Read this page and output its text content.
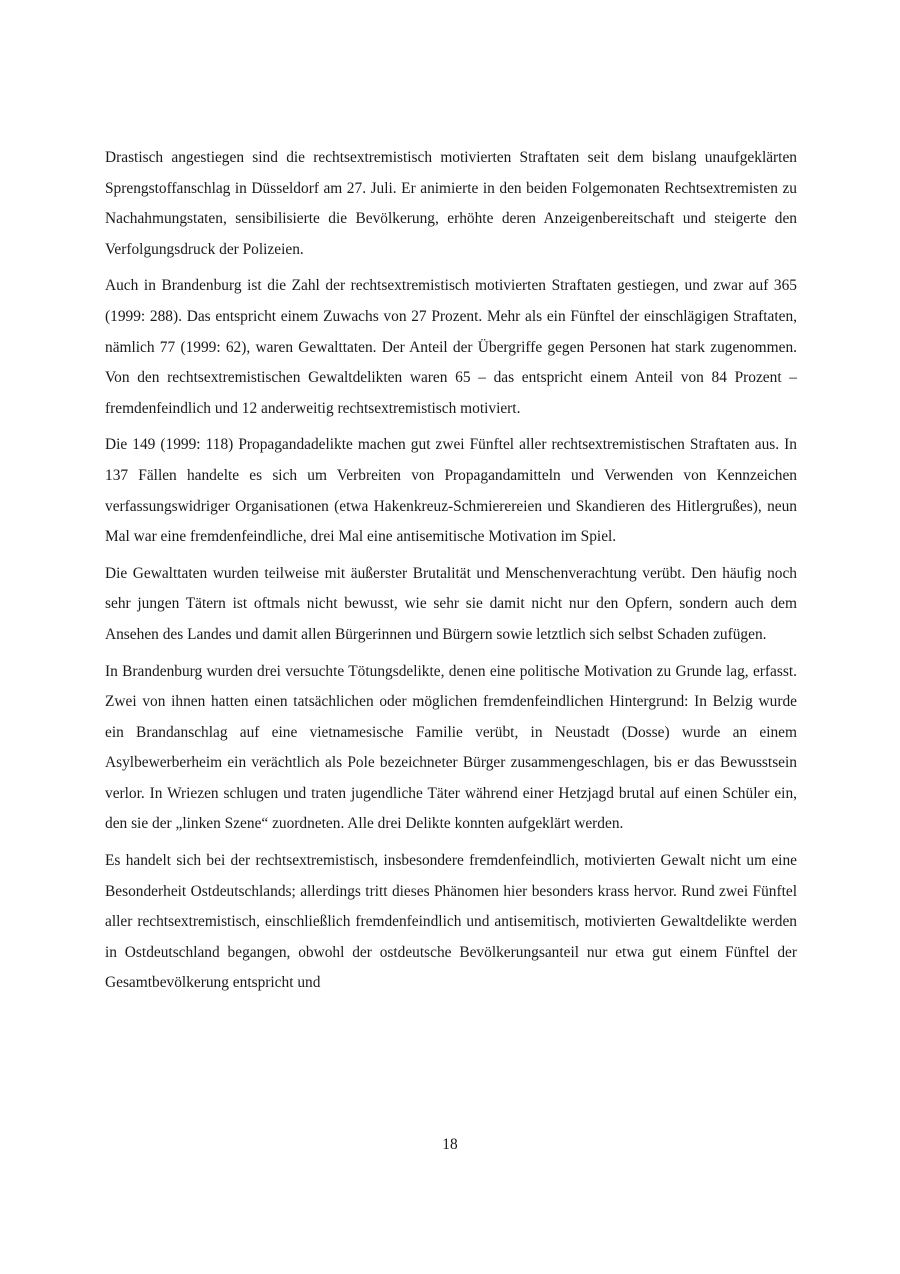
Drastisch angestiegen sind die rechtsextremistisch motivierten Straftaten seit dem bislang unaufgeklärten Sprengstoffanschlag in Düsseldorf am 27. Juli. Er animierte in den beiden Folgemonaten Rechtsextremisten zu Nachahmungstaten, sensibilisierte die Bevölkerung, erhöhte deren Anzeigenbereitschaft und steigerte den Verfolgungsdruck der Polizeien.

Auch in Brandenburg ist die Zahl der rechtsextremistisch motivierten Straftaten gestiegen, und zwar auf 365 (1999: 288). Das entspricht einem Zuwachs von 27 Prozent. Mehr als ein Fünftel der einschlägigen Straftaten, nämlich 77 (1999: 62), waren Gewalttaten. Der Anteil der Übergriffe gegen Personen hat stark zugenommen. Von den rechtsextremistischen Gewaltdelikten waren 65 – das entspricht einem Anteil von 84 Prozent – fremdenfeindlich und 12 anderweitig rechtsextremistisch motiviert.

Die 149 (1999: 118) Propagandadelikte machen gut zwei Fünftel aller rechtsextremistischen Straftaten aus. In 137 Fällen handelte es sich um Verbreiten von Propagandamitteln und Verwenden von Kennzeichen verfassungswidriger Organisationen (etwa Hakenkreuz-Schmierereien und Skandieren des Hitlergrußes), neun Mal war eine fremdenfeindliche, drei Mal eine antisemitische Motivation im Spiel.

Die Gewalttaten wurden teilweise mit äußerster Brutalität und Menschenverachtung verübt. Den häufig noch sehr jungen Tätern ist oftmals nicht bewusst, wie sehr sie damit nicht nur den Opfern, sondern auch dem Ansehen des Landes und damit allen Bürgerinnen und Bürgern sowie letztlich sich selbst Schaden zufügen.

In Brandenburg wurden drei versuchte Tötungsdelikte, denen eine politische Motivation zu Grunde lag, erfasst. Zwei von ihnen hatten einen tatsächlichen oder möglichen fremdenfeindlichen Hintergrund: In Belzig wurde ein Brandanschlag auf eine vietnamesische Familie verübt, in Neustadt (Dosse) wurde an einem Asylbewerberheim ein verächtlich als Pole bezeichneter Bürger zusammengeschlagen, bis er das Bewusstsein verlor. In Wriezen schlugen und traten jugendliche Täter während einer Hetzjagd brutal auf einen Schüler ein, den sie der „linken Szene“ zuordneten. Alle drei Delikte konnten aufgeklärt werden.

Es handelt sich bei der rechtsextremistisch, insbesondere fremdenfeindlich, motivierten Gewalt nicht um eine Besonderheit Ostdeutschlands; allerdings tritt dieses Phänomen hier besonders krass hervor. Rund zwei Fünftel aller rechtsextremistisch, einschließlich fremdenfeindlich und antisemitisch, motivierten Gewaltdelikte werden in Ostdeutschland begangen, obwohl der ostdeutsche Bevölkerungsanteil nur etwa gut einem Fünftel der Gesamtbevölkerung entspricht und

18
